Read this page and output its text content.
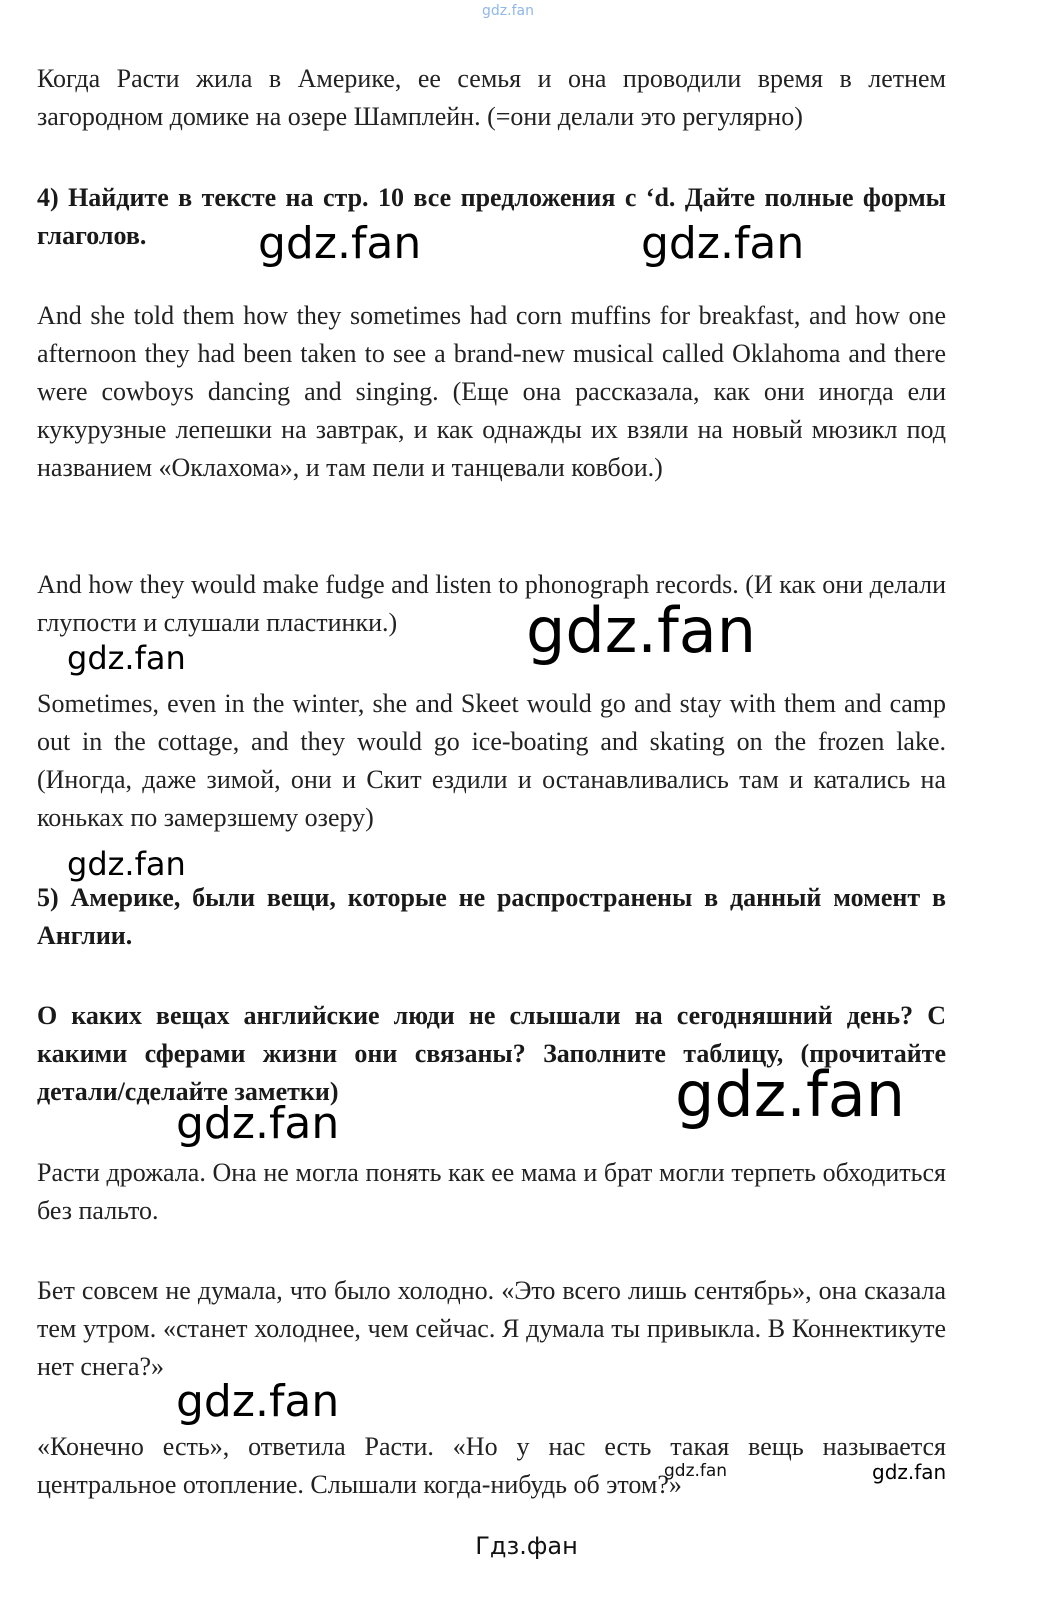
gdz.fan

Когда Расти жила в Америке, ее семья и она проводили время в летнем загородном домике на озере Шамплейн. (=они делали это регулярно)

4) Найдите в тексте на стр. 10 все предложения с ‘d. Дайте полные формы глаголов.

And she told them how they sometimes had corn muffins for breakfast, and how one afternoon they had been taken to see a brand-new musical called Oklahoma and there were cowboys dancing and singing. (Еще она рассказала, как они иногда ели кукурузные лепешки на завтрак, и как однажды их взяли на новый мюзикл под названием «Оклахома», и там пели и танцевали ковбои.)

And how they would make fudge and listen to phonograph records. (И как они делали глупости и слушали пластинки.)

Sometimes, even in the winter, she and Skeet would go and stay with them and camp out in the cottage, and they would go ice-boating and skating on the frozen lake. (Иногда, даже зимой, они и Скит ездили и останавливались там и катались на коньках по замерзшему озеру)

5) Америке, были вещи, которые не распространены в данный момент в Англии.

О каких вещах английские люди не слышали на сегодняшний день? С какими сферами жизни они связаны? Заполните таблицу, (прочитайте детали/сделайте заметки)

Расти дрожала. Она не могла понять как ее мама и брат могли терпеть обходиться без пальто.

Бет совсем не думала, что было холодно. «Это всего лишь сентябрь», она сказала тем утром. «станет холоднее, чем сейчас. Я думала ты привыкла. В Коннектикуте нет снега?»

«Конечно есть», ответила Расти. «Но у нас есть такая вещь называется центральное отопление. Слышали когда-нибудь об этом?»

gdz.fan	gdz.fan
gdz.fan
gdz.fan
gdz.fan
gdz.fan
gdz.fan
gdz.fan
gdz.fan	gdz.fan
Гдз.фан
